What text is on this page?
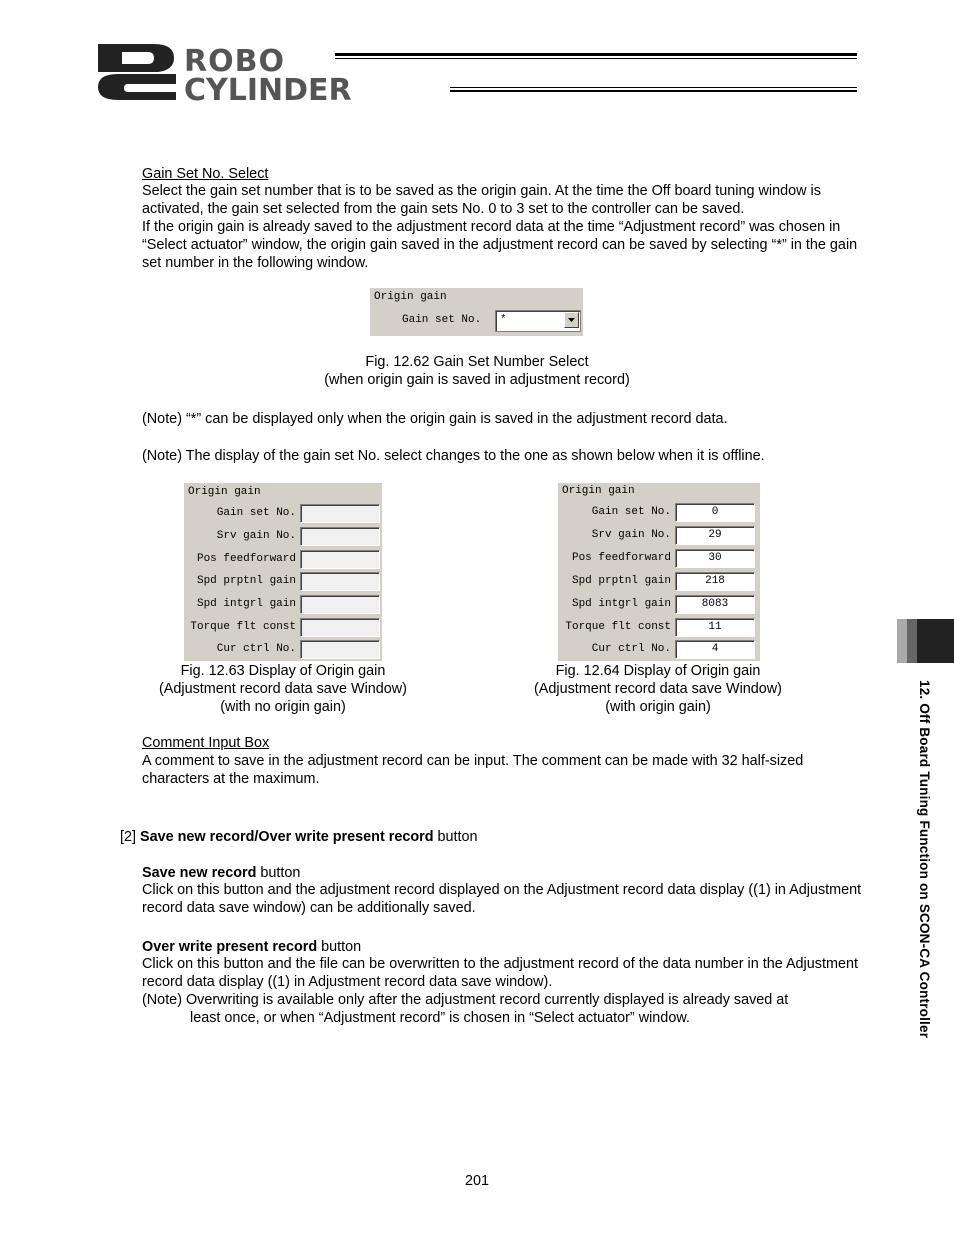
ROBO
CYLINDER
Gain Set No. Select
Select the gain set number that is to be saved as the origin gain. At the time the Off board tuning window is activated, the gain set selected from the gain sets No. 0 to 3 set to the controller can be saved.
If the origin gain is already saved to the adjustment record data at the time “Adjustment record” was chosen in “Select actuator” window, the origin gain saved in the adjustment record can be saved by selecting “*” in the gain set number in the following window.
Origin gain
Gain set No. *
Fig. 12.62 Gain Set Number Select
(when origin gain is saved in adjustment record)
(Note) “*” can be displayed only when the origin gain is saved in the adjustment record data.
(Note) The display of the gain set No. select changes to the one as shown below when it is offline.
Origin gain
Gain set No.
Srv gain No.
Pos feedforward
Spd prptnl gain
Spd intgrl gain
Torque flt const
Cur ctrl No.
Origin gain
Gain set No.	0
Srv gain No.	29
Pos feedforward	30
Spd prptnl gain	218
Spd intgrl gain	8083
Torque flt const	11
Cur ctrl No.	4
Fig. 12.63 Display of Origin gain
(Adjustment record data save Window)
(with no origin gain)
Fig. 12.64 Display of Origin gain
(Adjustment record data save Window)
(with origin gain)
Comment Input Box
A comment to save in the adjustment record can be input. The comment can be made with 32 half-sized characters at the maximum.
[2] Save new record/Over write present record button
Save new record button
Click on this button and the adjustment record displayed on the Adjustment record data display ((1) in Adjustment record data save window) can be additionally saved.
Over write present record button
Click on this button and the file can be overwritten to the adjustment record of the data number in the Adjustment record data display ((1) in Adjustment record data save window).
(Note) Overwriting is available only after the adjustment record currently displayed is already saved at
least once, or when “Adjustment record” is chosen in “Select actuator” window.	12. Off Board Tuning Function on SCON-CA Controller
201
